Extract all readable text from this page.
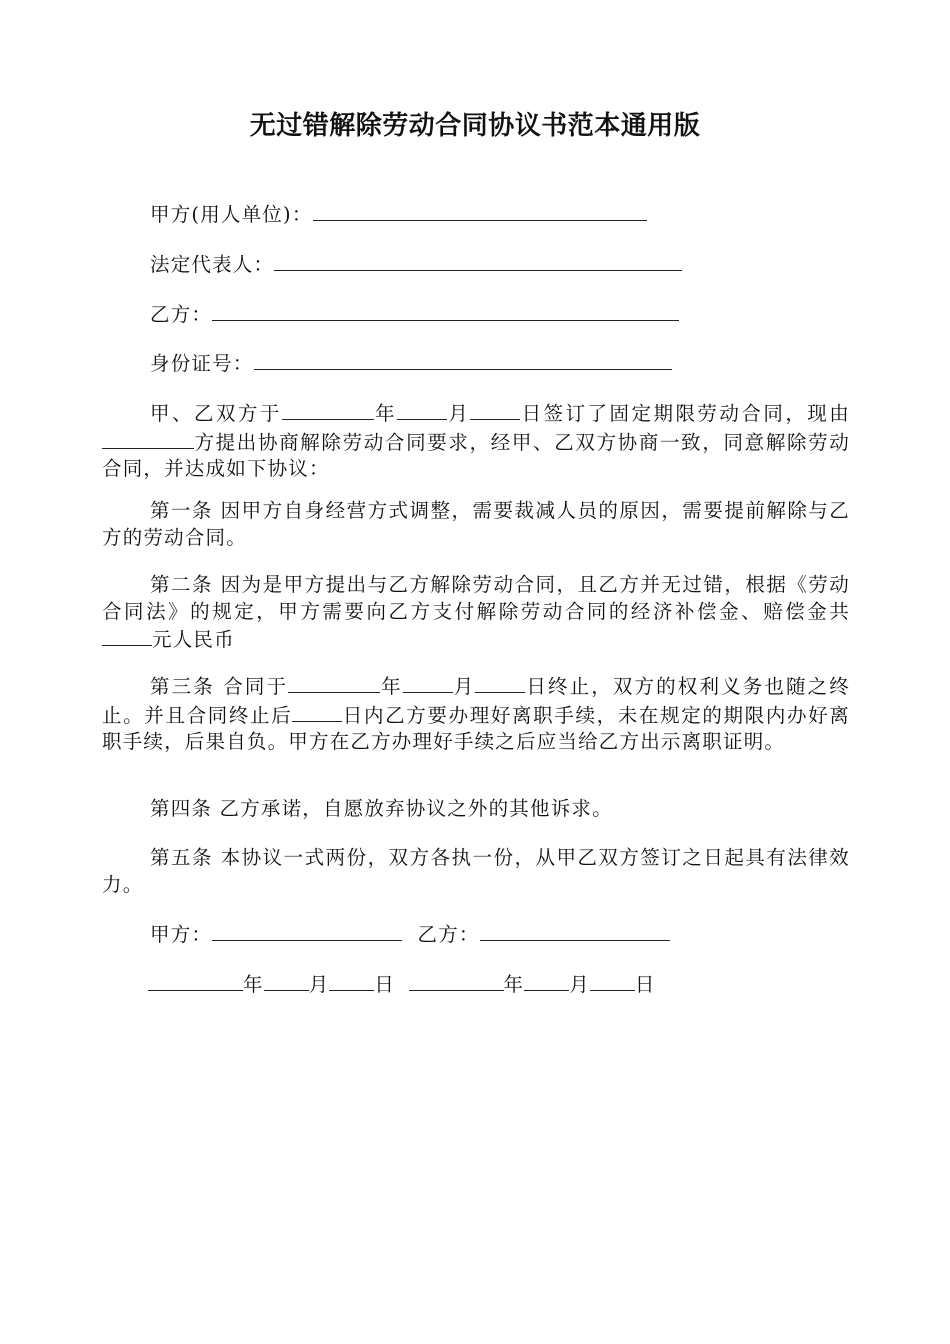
无过错解除劳动合同协议书范本通用版
甲方(用人单位)：
法定代表人：
乙方：
身份证号：
甲、乙双方于	年	月	日签订了固定期限劳动合同，现由方提出协商解除劳动合同要求，经甲、乙双方协商一致，同意解除劳动合同，并达成如下协议：
第一条 因甲方自身经营方式调整，需要裁减人员的原因，需要提前解除与乙方的劳动合同。
第二条 因为是甲方提出与乙方解除劳动合同，且乙方并无过错，根据《劳动合同法》的规定，甲方需要向乙方支付解除劳动合同的经济补偿金、赔偿金共元人民币
第三条 合同于	年	月	日终止，双方的权利义务也随之终止。并且合同终止后	日内乙方要办理好离职手续，未在规定的期限内办好离职手续，后果自负。甲方在乙方办理好手续之后应当给乙方出示离职证明。
第四条 乙方承诺，自愿放弃协议之外的其他诉求。
第五条 本协议一式两份，双方各执一份，从甲乙双方签订之日起具有法律效力。
甲方：	乙方：
年 月 日	年 月 日
